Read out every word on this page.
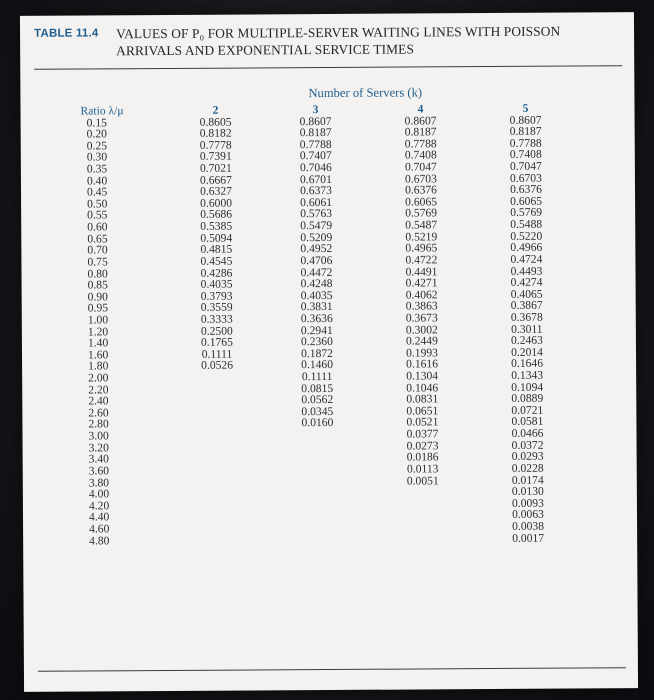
TABLE 11.4 VALUES OF P₀ FOR MULTIPLE-SERVER WAITING LINES WITH POISSON
ARRIVALS AND EXPONENTIAL SERVICE TIMES
Number of Servers (k)
Ratio λ/μ
0.15
0.20
0.25
0.30
0.35
0.40
0.45
0.50
0.55
0.60
0.65
0.70
0.75
0.80
0.85
0.90
0.95
1.00
1.20
1.40
1.60
1.80
2.00
2.20
2.40
2.60
2.80
3.00
3.20
3.40
3.60
3.80
4.00
4.20
4.40
4.60
4.80
2
0.8605
0.8182
0.7778
0.7391
0.7021
0.6667
0.6327
0.6000
0.5686
0.5385
0.5094
0.4815
0.4545
0.4286
0.4035
0.3793
0.3559
0.3333
0.2500
0.1765
0.1111
0.0526
3
0.8607
0.8187
0.7788
0.7407
0.7046
0.6701
0.6373
0.6061
0.5763
0.5479
0.5209
0.4952
0.4706
0.4472
0.4248
0.4035
0.3831
0.3636
0.2941
0.2360
0.1872
0.1460
0.1111
0.0815
0.0562
0.0345
0.0160
4
0.8607
0.8187
0.7788
0.7408
0.7047
0.6703
0.6376
0.6065
0.5769
0.5487
0.5219
0.4965
0.4722
0.4491
0.4271
0.4062
0.3863
0.3673
0.3002
0.2449
0.1993
0.1616
0.1304
0.1046
0.0831
0.0651
0.0521
0.0377
0.0273
0.0186
0.0113
0.0051
5
0.8607
0.8187
0.7788
0.7408
0.7047
0.6703
0.6376
0.6065
0.5769
0.5488
0.5220
0.4966
0.4724
0.4493
0.4274
0.4065
0.3867
0.3678
0.3011
0.2463
0.2014
0.1646
0.1343
0.1094
0.0889
0.0721
0.0581
0.0466
0.0372
0.0293
0.0228
0.0174
0.0130
0.0093
0.0063
0.0038
0.0017
